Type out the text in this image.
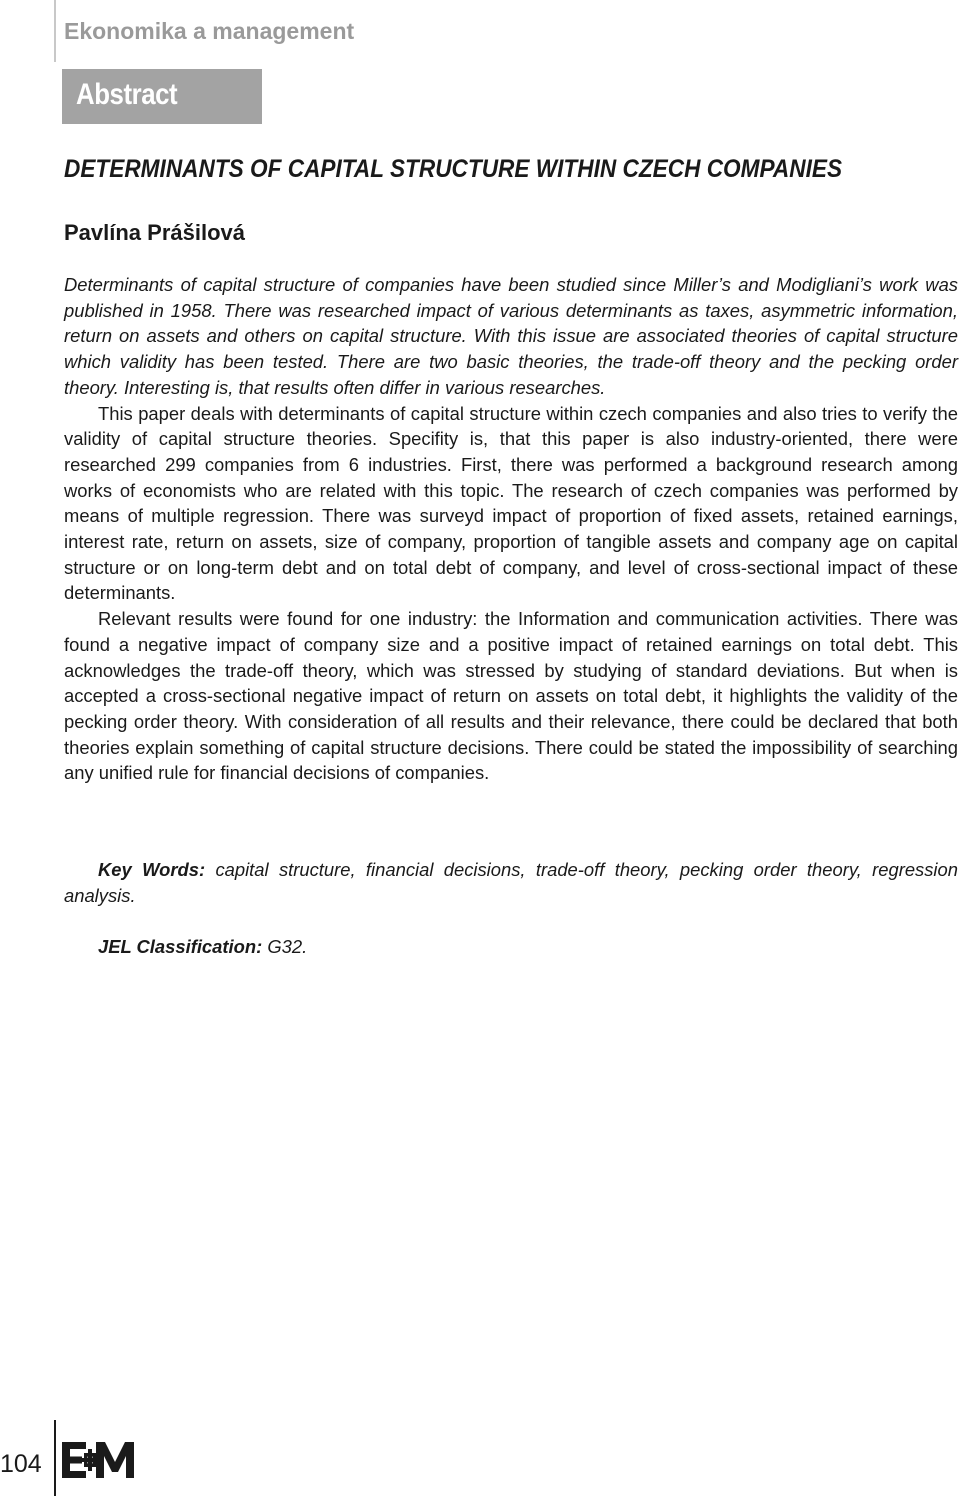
Ekonomika a management
Abstract
DETERMINANTS OF CAPITAL STRUCTURE WITHIN CZECH COMPANIES
Pavlína Prášilová

Determinants of capital structure of companies have been studied since Miller’s and Modigliani’s work was published in 1958. There was researched impact of various determinants as taxes, asymmetric information, return on assets and others on capital structure. With this issue are associated theories of capital structure which validity has been tested. There are two basic theories, the trade-off theory and the pecking order theory. Interesting is, that results often differ in various researches.

This paper deals with determinants of capital structure within czech companies and also tries to verify the validity of capital structure theories. Specifity is, that this paper is also industry-oriented, there were researched 299 companies from 6 industries. First, there was performed a background research among works of economists who are related with this topic. The research of czech companies was performed by means of multiple regression. There was surveyd impact of proportion of fixed assets, retained earnings, interest rate, return on assets, size of company, proportion of tangible assets and company age on capital structure or on long-term debt and on total debt of company, and level of cross-sectional impact of these determinants.

Relevant results were found for one industry: the Information and communication activities. There was found a negative impact of company size and a positive impact of retained earnings on total debt. This acknowledges the trade-off theory, which was stressed by studying of standard deviations. But when is accepted a cross-sectional negative impact of return on assets on total debt, it highlights the validity of the pecking order theory. With consideration of all results and their relevance, there could be declared that both theories explain something of capital structure decisions. There could be stated the impossibility of searching any unified rule for financial decisions of companies.

Key Words: capital structure, financial decisions, trade-off theory, pecking order theory, regression analysis.

JEL Classification: G32.

104
